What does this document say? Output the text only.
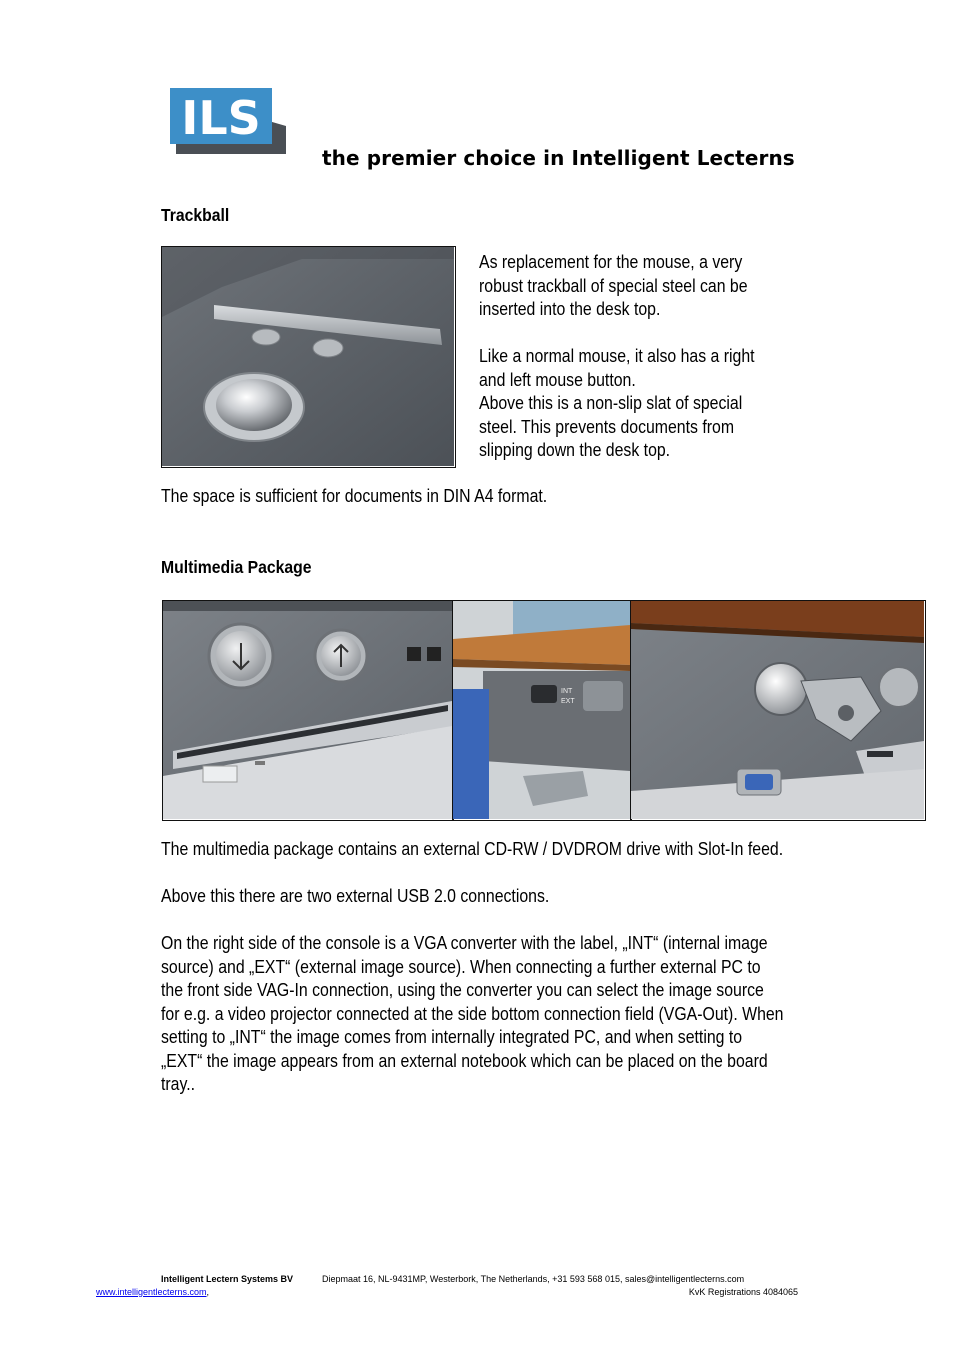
ILS
the premier choice in Intelligent Lecterns
Trackball

As replacement for the mouse, a very robust trackball of special steel can be inserted into the desk top.

Like a normal mouse, it also has a right and left mouse button.

Above this is a non-slip slat of special steel. This prevents documents from slipping down the desk top.

The space is sufficient for documents in DIN A4 format.
Multimedia Package
INT
EXT

The multimedia package contains an external CD-RW / DVDROM drive with Slot-In feed.

Above this there are two external USB 2.0 connections.

On the right side of the console is a VGA converter with the label, „INT“ (internal image source) and „EXT“ (external image source). When connecting a further external PC to the front side VAG-In connection, using the converter you can select the image source for e.g. a video projector connected at the side bottom connection field (VGA-Out). When setting to „INT“ the image comes from internally integrated PC, and when setting to „EXT“ the image appears from an external notebook which can be placed on the board tray..

Intelligent Lectern Systems BV	Diepmaat 16, NL-9431MP, Westerbork, The Netherlands, +31 593 568 015, sales@intelligentlecterns.com
www.intelligentlecterns.com,	KvK Registrations 4084065
